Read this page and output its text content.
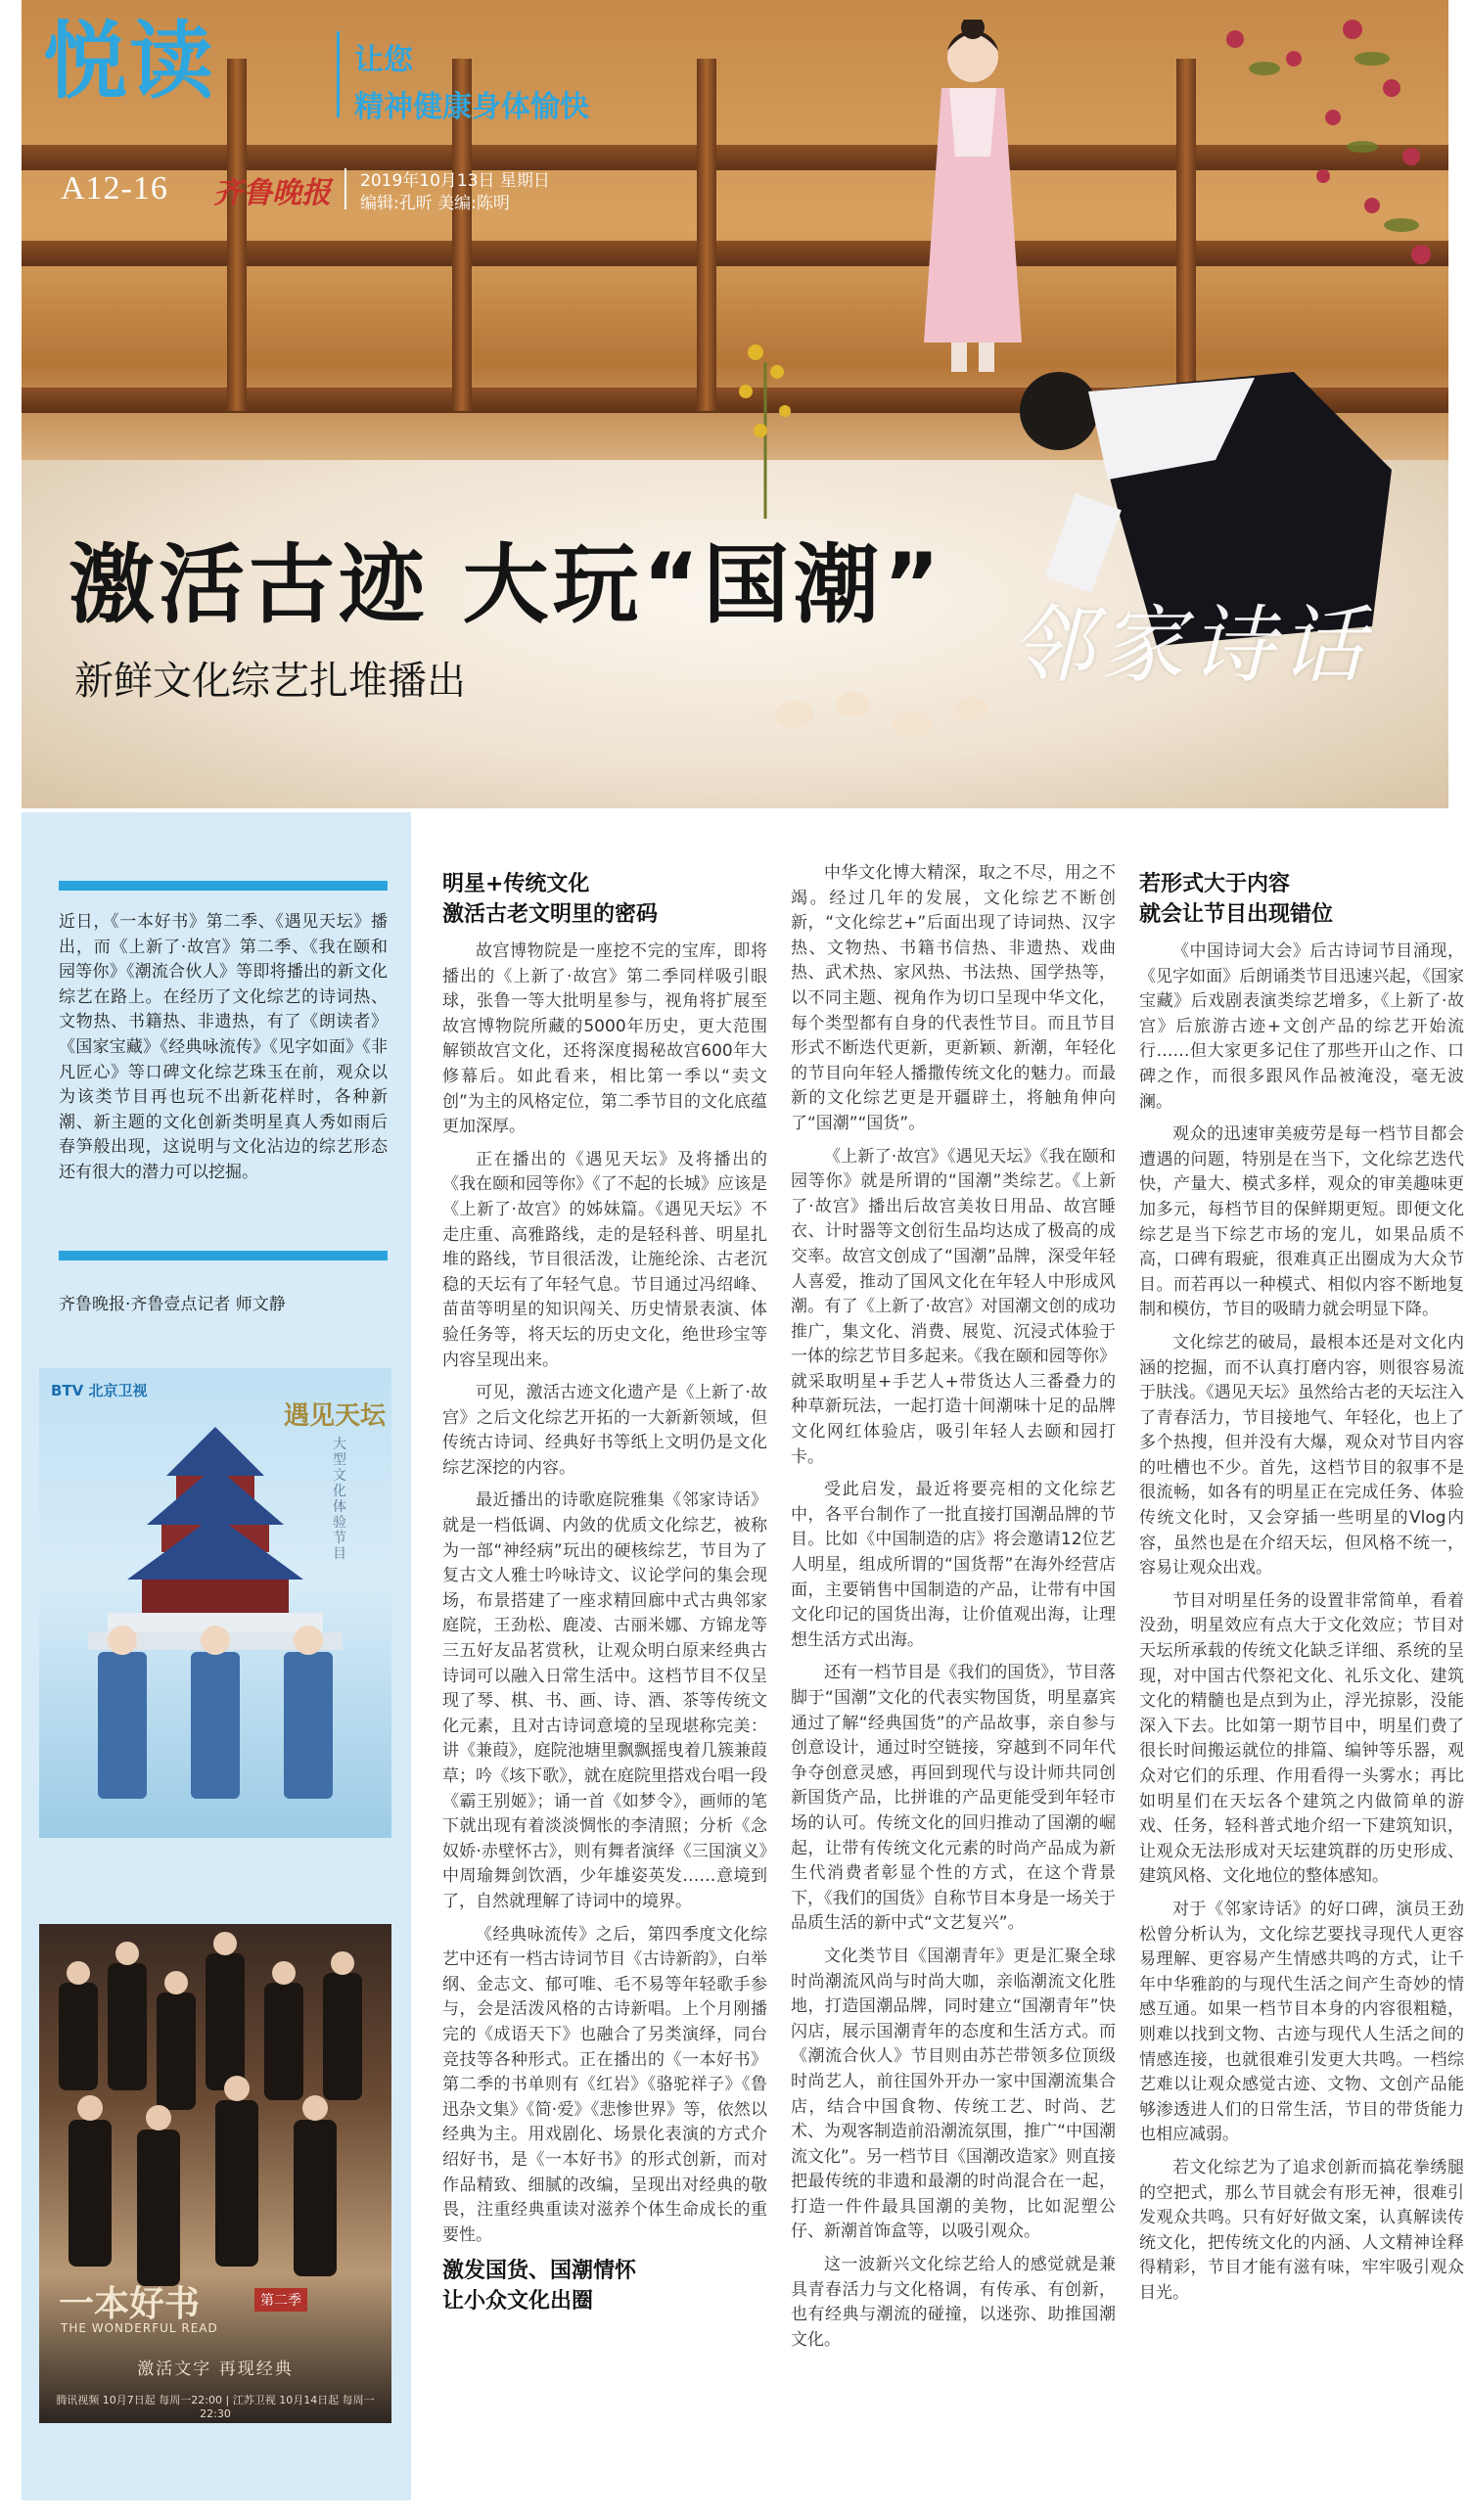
悦读	让您
精神健康身体愉快
A12-16 齐鲁晚报 2019年10月13日 星期日
编辑:孔昕 美编:陈明
激活古迹 大玩“国潮”
新鲜文化综艺扎堆播出	邻家诗话
近日，《一本好书》第二季、《遇见天坛》播出，而《上新了·故宫》第二季、《我在颐和园等你》《潮流合伙人》等即将播出的新文化综艺在路上。在经历了文化综艺的诗词热、文物热、书籍热、非遗热，有了《朗读者》《国家宝藏》《经典咏流传》《见字如面》《非凡匠心》等口碑文化综艺珠玉在前，观众以为该类节目再也玩不出新花样时，各种新潮、新主题的文化创新类明星真人秀如雨后春笋般出现，这说明与文化沾边的综艺形态还有很大的潜力可以挖掘。
齐鲁晚报·齐鲁壹点记者 师文静
BTV 北京卫视
遇见天坛
大型文化体验节目
一本好书
THE WONDERFUL READ
第二季
激活文字 再现经典
腾讯视频 10月7日起 每周一22:00 | 江苏卫视 10月14日起 每周一22:30
明星+传统文化
激活古老文明里的密码

故宫博物院是一座挖不完的宝库，即将播出的《上新了·故宫》第二季同样吸引眼球，张鲁一等大批明星参与，视角将扩展至故宫博物院所藏的5000年历史，更大范围解锁故宫文化，还将深度揭秘故宫600年大修幕后。如此看来，相比第一季以“卖文创”为主的风格定位，第二季节目的文化底蕴更加深厚。

正在播出的《遇见天坛》及将播出的《我在颐和园等你》《了不起的长城》应该是《上新了·故宫》的姊妹篇。《遇见天坛》不走庄重、高雅路线，走的是轻科普、明星扎堆的路线，节目很活泼，让施纶涂、古老沉稳的天坛有了年轻气息。节目通过冯绍峰、苗苗等明星的知识闯关、历史情景表演、体验任务等，将天坛的历史文化，绝世珍宝等内容呈现出来。

可见，激活古迹文化遗产是《上新了·故宫》之后文化综艺开拓的一大新新领域，但传统古诗词、经典好书等纸上文明仍是文化综艺深挖的内容。

最近播出的诗歌庭院雅集《邻家诗话》就是一档低调、内敛的优质文化综艺，被称为一部“神经病”玩出的硬核综艺，节目为了复古文人雅士吟咏诗文、议论学问的集会现场，布景搭建了一座求精回廊中式古典邻家庭院，王劲松、鹿凌、古丽米娜、方锦龙等三五好友品茗赏秋，让观众明白原来经典古诗词可以融入日常生活中。这档节目不仅呈现了琴、棋、书、画、诗、酒、茶等传统文化元素，且对古诗词意境的呈现堪称完美：讲《兼葭》，庭院池塘里飘飘摇曳着几簇兼葭草；吟《垓下歌》，就在庭院里搭戏台唱一段《霸王别姬》；诵一首《如梦令》，画师的笔下就出现有着淡淡惆怅的李清照；分析《念奴娇·赤壁怀古》，则有舞者演绎《三国演义》中周瑜舞剑饮酒，少年雄姿英发……意境到了，自然就理解了诗词中的境界。

《经典咏流传》之后，第四季度文化综艺中还有一档古诗词节目《古诗新韵》，白举纲、金志文、郁可唯、毛不易等年轻歌手参与，会是活泼风格的古诗新唱。上个月刚播完的《成语天下》也融合了另类演绎，同台竞技等各种形式。正在播出的《一本好书》第二季的书单则有《红岩》《骆驼祥子》《鲁迅杂文集》《简·爱》《悲惨世界》等，依然以经典为主。用戏剧化、场景化表演的方式介绍好书，是《一本好书》的形式创新，而对作品精致、细腻的改编，呈现出对经典的敬畏，注重经典重读对滋养个体生命成长的重要性。

激发国货、国潮情怀
让小众文化出圈

中华文化博大精深，取之不尽，用之不竭。经过几年的发展，文化综艺不断创新，“文化综艺+”后面出现了诗词热、汉字热、文物热、书籍书信热、非遗热、戏曲热、武术热、家风热、书法热、国学热等，以不同主题、视角作为切口呈现中华文化，每个类型都有自身的代表性节目。而且节目形式不断迭代更新，更新颖、新潮，年轻化的节目向年轻人播撒传统文化的魅力。而最新的文化综艺更是开疆辟土，将触角伸向了“国潮”“国货”。

《上新了·故宫》《遇见天坛》《我在颐和园等你》就是所谓的“国潮”类综艺。《上新了·故宫》播出后故宫美妆日用品、故宫睡衣、计时器等文创衍生品均达成了极高的成交率。故宫文创成了“国潮”品牌，深受年轻人喜爱，推动了国风文化在年轻人中形成风潮。有了《上新了·故宫》对国潮文创的成功推广，集文化、消费、展览、沉浸式体验于一体的综艺节目多起来。《我在颐和园等你》就采取明星+手艺人+带货达人三番叠力的种草新玩法，一起打造十间潮味十足的品牌文化网红体验店，吸引年轻人去颐和园打卡。

受此启发，最近将要亮相的文化综艺中，各平台制作了一批直接打国潮品牌的节目。比如《中国制造的店》将会邀请12位艺人明星，组成所谓的“国货帮”在海外经营店面，主要销售中国制造的产品，让带有中国文化印记的国货出海，让价值观出海，让理想生活方式出海。

还有一档节目是《我们的国货》，节目落脚于“国潮”文化的代表实物国货，明星嘉宾通过了解“经典国货”的产品故事，亲自参与创意设计，通过时空链接，穿越到不同年代争夺创意灵感，再回到现代与设计师共同创新国货产品，比拼谁的产品更能受到年轻市场的认可。传统文化的回归推动了国潮的崛起，让带有传统文化元素的时尚产品成为新生代消费者彰显个性的方式，在这个背景下，《我们的国货》自称节目本身是一场关于品质生活的新中式“文艺复兴”。

文化类节目《国潮青年》更是汇聚全球时尚潮流风尚与时尚大咖，亲临潮流文化胜地，打造国潮品牌，同时建立“国潮青年”快闪店，展示国潮青年的态度和生活方式。而《潮流合伙人》节目则由苏芒带领多位顶级时尚艺人，前往国外开办一家中国潮流集合店，结合中国食物、传统工艺、时尚、艺术、为观客制造前沿潮流氛围，推广“中国潮流文化”。另一档节目《国潮改造家》则直接把最传统的非遗和最潮的时尚混合在一起，打造一件件最具国潮的美物，比如泥塑公仔、新潮首饰盒等，以吸引观众。

这一波新兴文化综艺给人的感觉就是兼具青春活力与文化格调，有传承、有创新，也有经典与潮流的碰撞，以迷弥、助推国潮文化。

若形式大于内容
就会让节目出现错位

《中国诗词大会》后古诗词节目涌现，《见字如面》后朗诵类节目迅速兴起，《国家宝藏》后戏剧表演类综艺增多，《上新了·故宫》后旅游古迹+文创产品的综艺开始流行……但大家更多记住了那些开山之作、口碑之作，而很多跟风作品被淹没，毫无波澜。

观众的迅速审美疲劳是每一档节目都会遭遇的问题，特别是在当下，文化综艺迭代快，产量大、模式多样，观众的审美趣味更加多元，每档节目的保鲜期更短。即便文化综艺是当下综艺市场的宠儿，如果品质不高，口碑有瑕疵，很难真正出圈成为大众节目。而若再以一种模式、相似内容不断地复制和模仿，节目的吸睛力就会明显下降。

文化综艺的破局，最根本还是对文化内涵的挖掘，而不认真打磨内容，则很容易流于肤浅。《遇见天坛》虽然给古老的天坛注入了青春活力，节目接地气、年轻化，也上了多个热搜，但并没有大爆，观众对节目内容的吐槽也不少。首先，这档节目的叙事不是很流畅，如各有的明星正在完成任务、体验传统文化时，又会穿插一些明星的Vlog内容，虽然也是在介绍天坛，但风格不统一，容易让观众出戏。

节目对明星任务的设置非常简单，看着没劲，明星效应有点大于文化效应；节目对天坛所承载的传统文化缺乏详细、系统的呈现，对中国古代祭祀文化、礼乐文化、建筑文化的精髓也是点到为止，浮光掠影，没能深入下去。比如第一期节目中，明星们费了很长时间搬运就位的排篇、编钟等乐器，观众对它们的乐理、作用看得一头雾水；再比如明星们在天坛各个建筑之内做简单的游戏、任务，轻科普式地介绍一下建筑知识，让观众无法形成对天坛建筑群的历史形成、建筑风格、文化地位的整体感知。

对于《邻家诗话》的好口碑，演员王劲松曾分析认为，文化综艺要找寻现代人更容易理解、更容易产生情感共鸣的方式，让千年中华雅韵的与现代生活之间产生奇妙的情感互通。如果一档节目本身的内容很粗糙，则难以找到文物、古迹与现代人生活之间的情感连接，也就很难引发更大共鸣。一档综艺难以让观众感觉古迹、文物、文创产品能够渗透进人们的日常生活，节目的带货能力也相应减弱。

若文化综艺为了追求创新而搞花拳绣腿的空把式，那么节目就会有形无神，很难引发观众共鸣。只有好好做文案，认真解读传统文化，把传统文化的内涵、人文精神诠释得精彩，节目才能有滋有味，牢牢吸引观众目光。
